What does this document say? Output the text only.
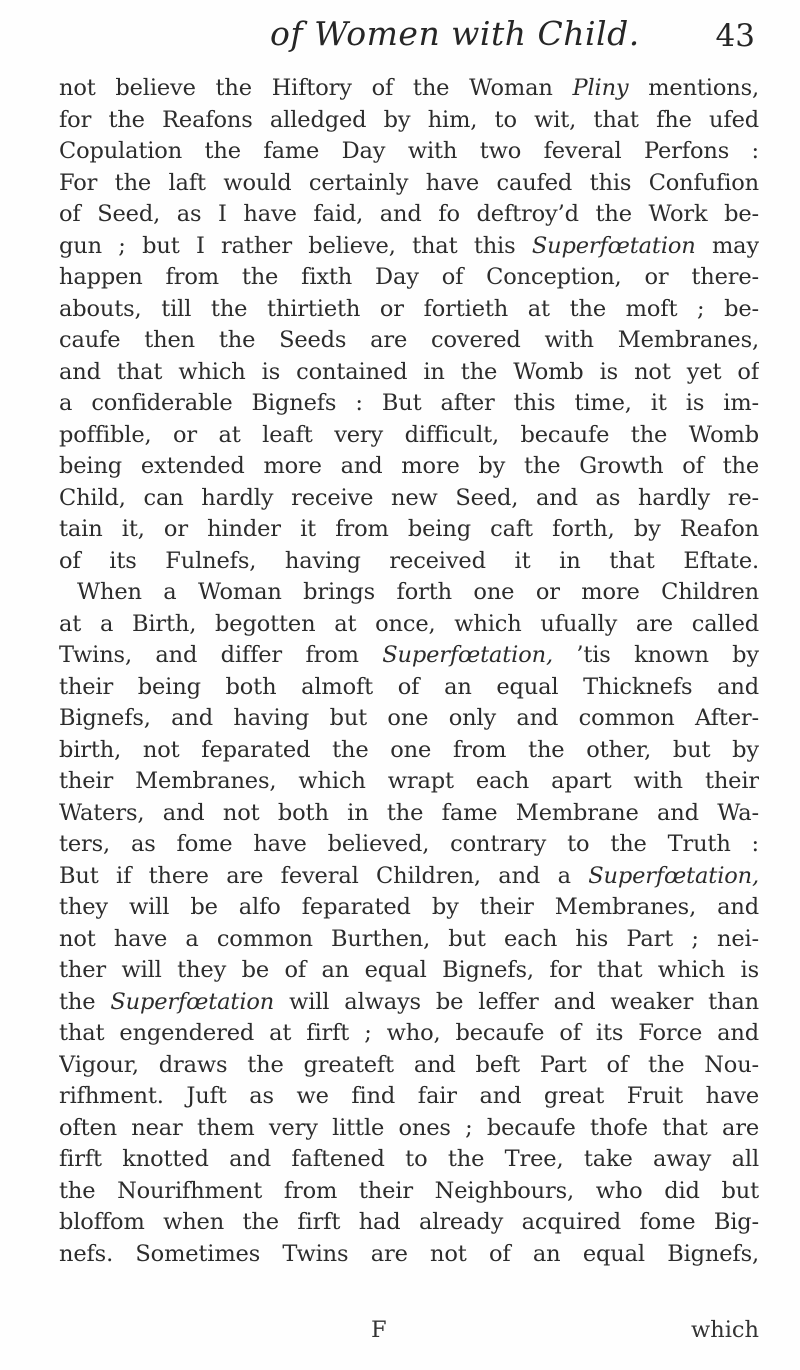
of Women with Child. 43
not believe the Hiftory of the Woman Pliny mentions,
for the Reafons alledged by him, to wit, that fhe ufed
Copulation the fame Day with two feveral Perfons :
For the laft would certainly have caufed this Confufion
of Seed, as I have faid, and fo deftroy’d the Work be-
gun ; but I rather believe, that this Superfœtation may
happen from the fixth Day of Conception, or there-
abouts, till the thirtieth or fortieth at the moft ; be-
caufe then the Seeds are covered with Membranes,
and that which is contained in the Womb is not yet of
a confiderable Bignefs : But after this time, it is im-
poffible, or at leaft very difficult, becaufe the Womb
being extended more and more by the Growth of the
Child, can hardly receive new Seed, and as hardly re-
tain it, or hinder it from being caft forth, by Reafon
of its Fulnefs, having received it in that Eftate.
When a Woman brings forth one or more Children
at a Birth, begotten at once, which ufually are called
Twins, and differ from Superfœtation, ’tis known by
their being both almoft of an equal Thicknefs and
Bignefs, and having but one only and common After-
birth, not feparated the one from the other, but by
their Membranes, which wrapt each apart with their
Waters, and not both in the fame Membrane and Wa-
ters, as fome have believed, contrary to the Truth :
But if there are feveral Children, and a Superfœtation,
they will be alfo feparated by their Membranes, and
not have a common Burthen, but each his Part ; nei-
ther will they be of an equal Bignefs, for that which is
the Superfœtation will always be leffer and weaker than
that engendered at firft ; who, becaufe of its Force and
Vigour, draws the greateft and beft Part of the Nou-
rifhment. Juft as we find fair and great Fruit have
often near them very little ones ; becaufe thofe that are
firft knotted and faftened to the Tree, take away all
the Nourifhment from their Neighbours, who did but
bloffom when the firft had already acquired fome Big-
nefs. Sometimes Twins are not of an equal Bignefs,
F	which
